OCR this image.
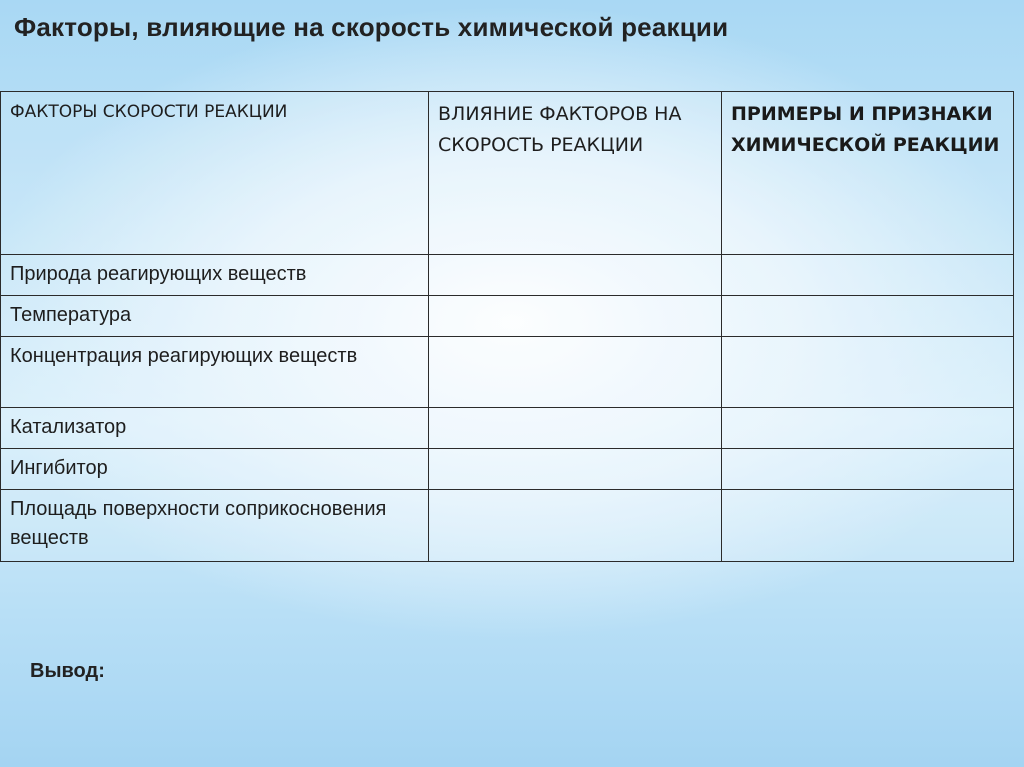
Факторы, влияющие на скорость химической реакции
ФАКТОРЫ СКОРОСТИ РЕАКЦИИ	ВЛИЯНИЕ ФАКТОРОВ НА СКОРОСТЬ РЕАКЦИИ	ПРИМЕРЫ И ПРИЗНАКИ ХИМИЧЕСКОЙ РЕАКЦИИ
Природа реагирующих веществ		
Температура		
Концентрация реагирующих веществ		
Катализатор		
Ингибитор		
Площадь поверхности соприкосновения веществ		
Вывод:
